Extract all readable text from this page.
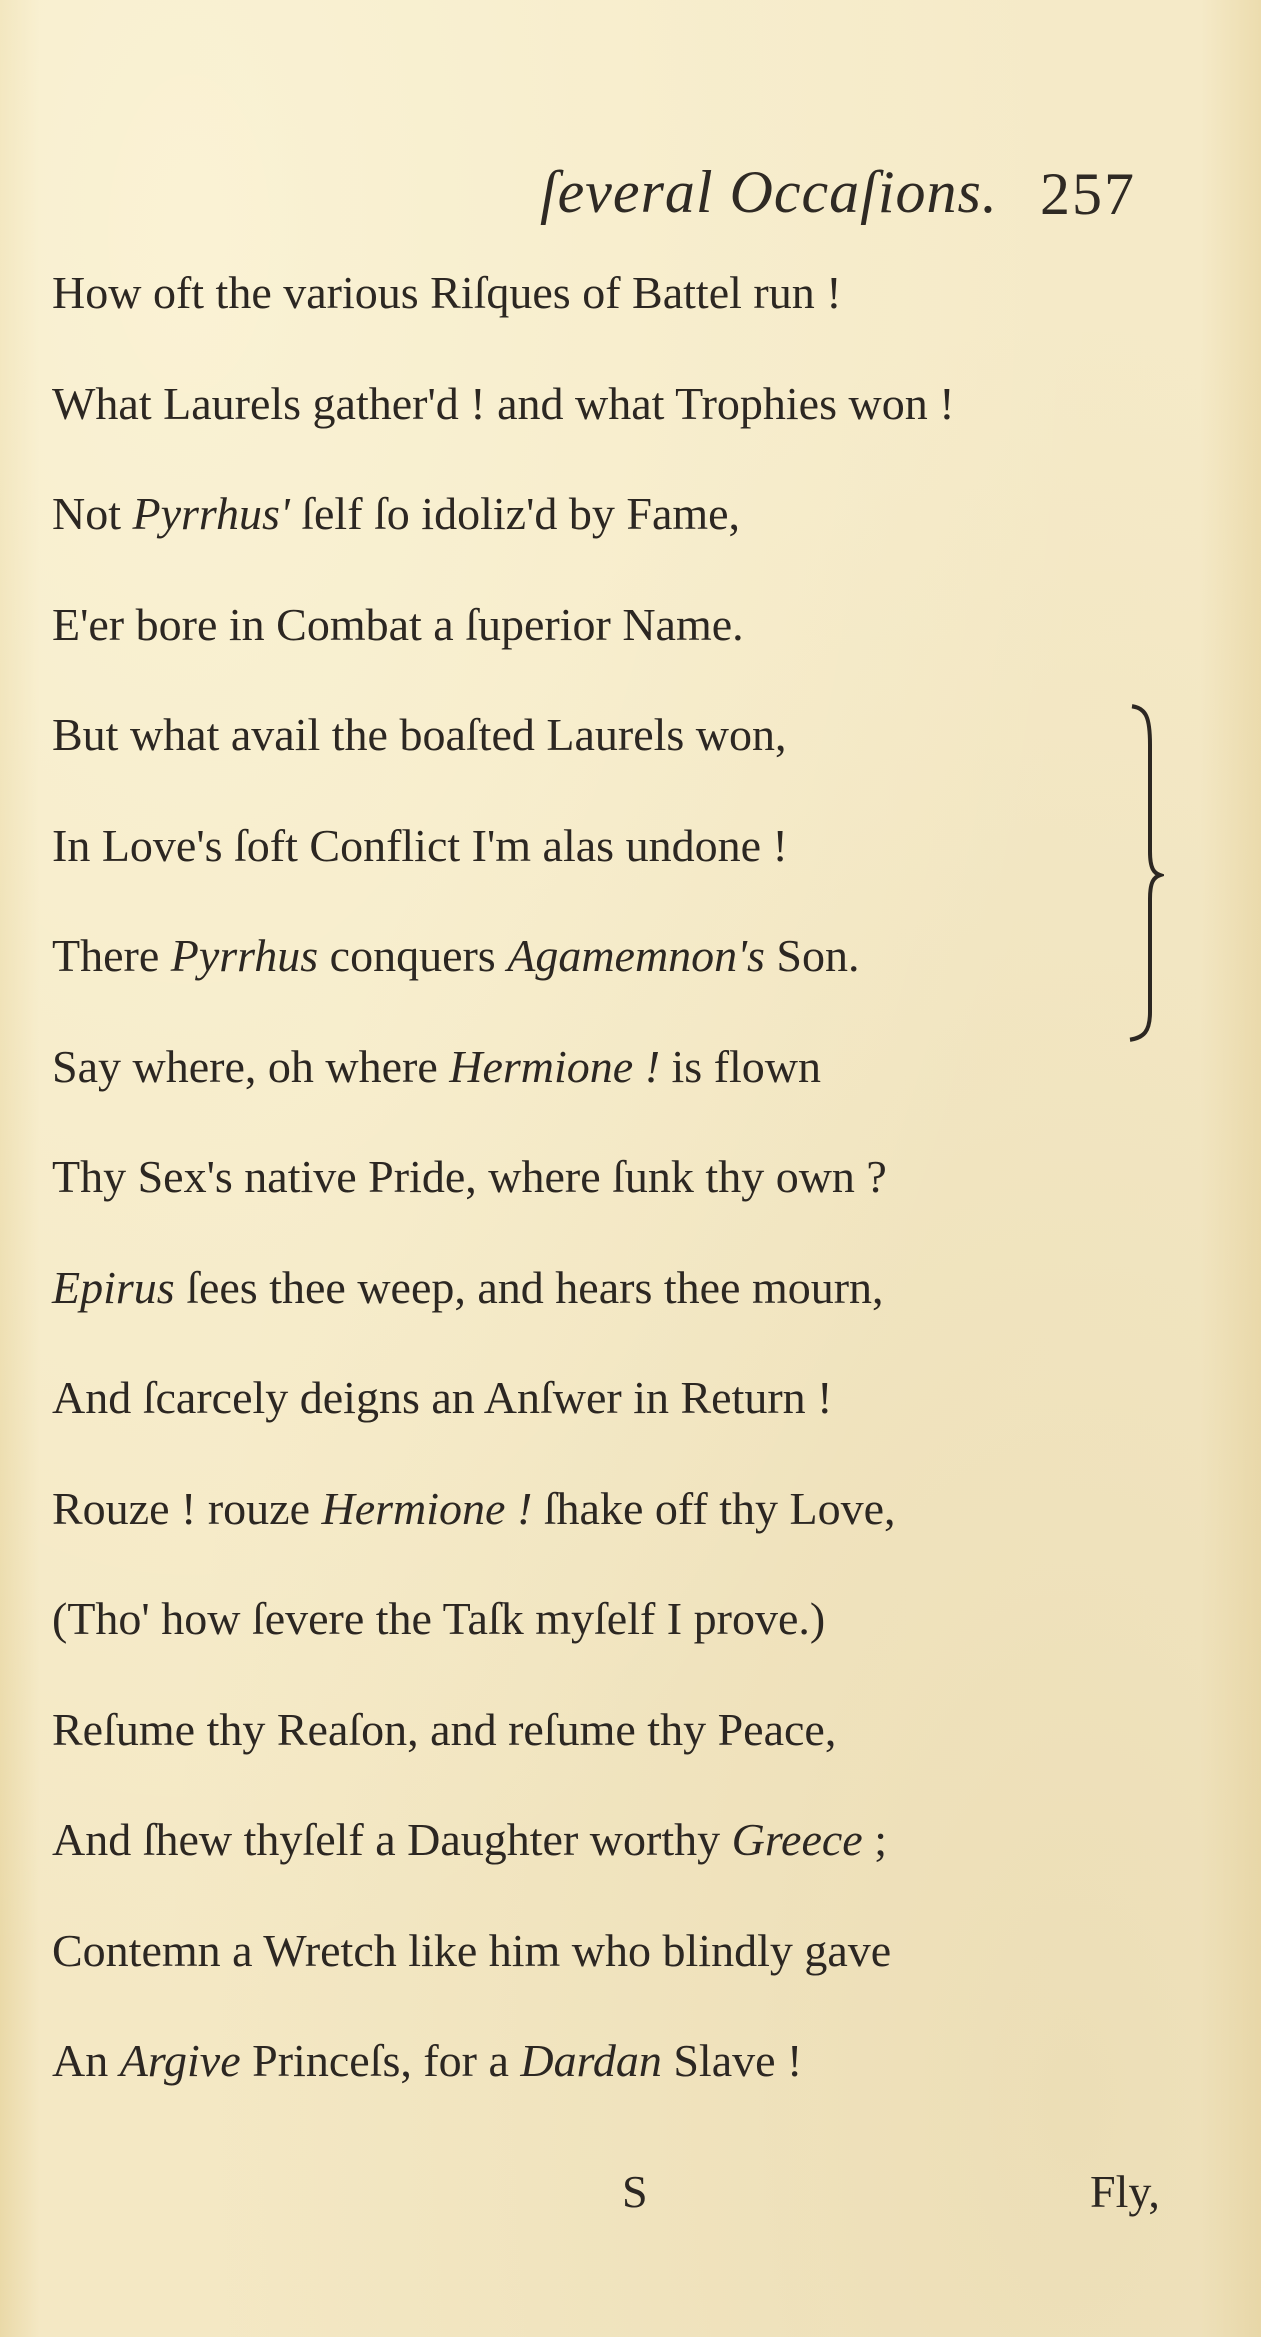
ſeveral Occaſions. 257
How oft the various Riſques of Battel run !
What Laurels gather'd ! and what Trophies won !
Not Pyrrhus' ſelf ſo idoliz'd by Fame,
E'er bore in Combat a ſuperior Name.
But what avail the boaſted Laurels won,
In Love's ſoft Conflict I'm alas undone !
There Pyrrhus conquers Agamemnon's Son.
Say where, oh where Hermione ! is flown
Thy Sex's native Pride, where ſunk thy own ?
Epirus ſees thee weep, and hears thee mourn,
And ſcarcely deigns an Anſwer in Return !
Rouze ! rouze Hermione ! ſhake off thy Love,
(Tho' how ſevere the Taſk myſelf I prove.)
Reſume thy Reaſon, and reſume thy Peace,
And ſhew thyſelf a Daughter worthy Greece ;
Contemn a Wretch like him who blindly gave
An Argive Princeſs, for a Dardan Slave !
S	Fly,
